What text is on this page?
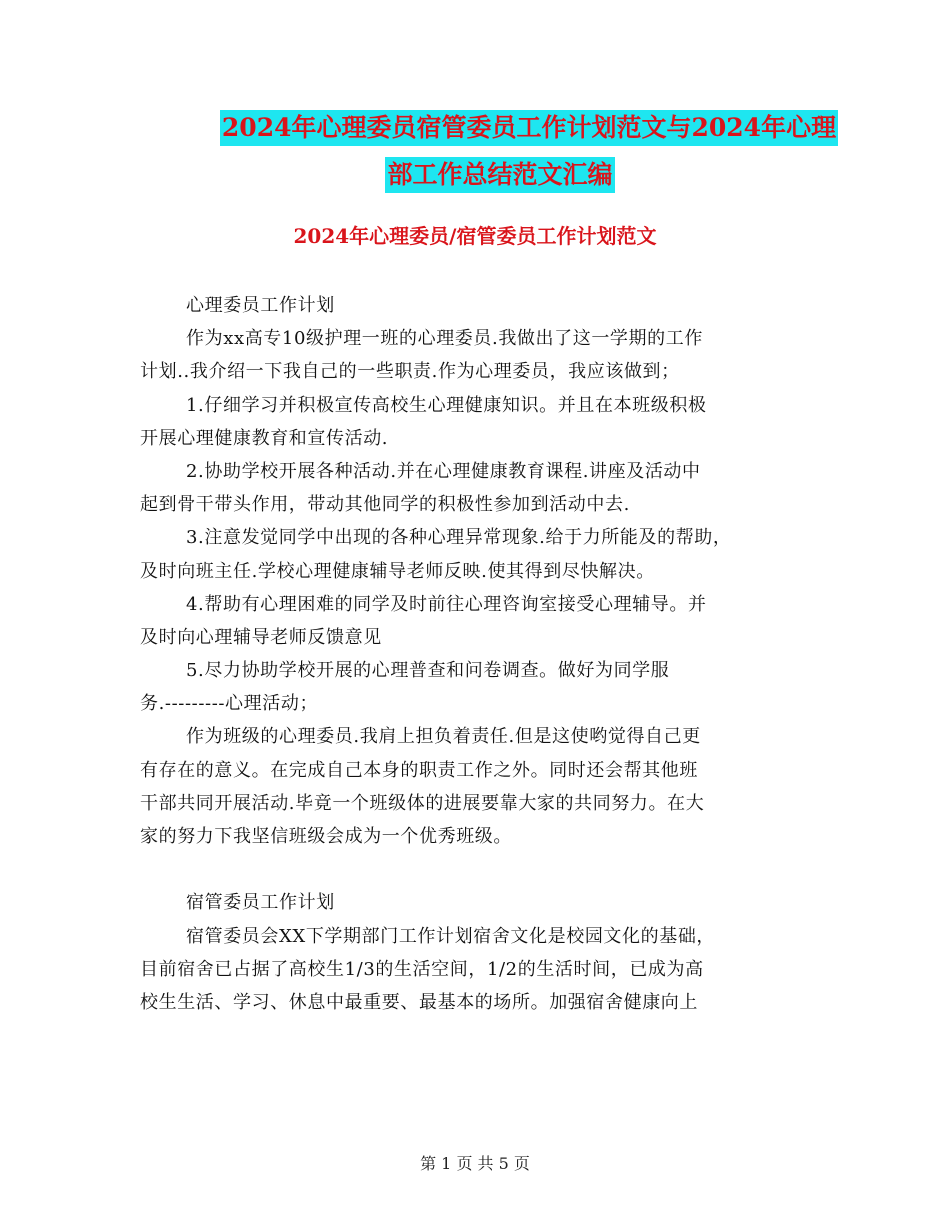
2024年心理委员宿管委员工作计划范文与2024年心理
部工作总结范文汇编
2024年心理委员/宿管委员工作计划范文
心理委员工作计划
作为xx高专10级护理一班的心理委员.我做出了这一学期的工作
计划..我介绍一下我自己的一些职责.作为心理委员，我应该做到；
1.仔细学习并积极宣传高校生心理健康知识。并且在本班级积极
开展心理健康教育和宣传活动.
2.协助学校开展各种活动.并在心理健康教育课程.讲座及活动中
起到骨干带头作用，带动其他同学的积极性参加到活动中去.
3.注意发觉同学中出现的各种心理异常现象.给于力所能及的帮助，
及时向班主任.学校心理健康辅导老师反映.使其得到尽快解决。
4.帮助有心理困难的同学及时前往心理咨询室接受心理辅导。并
及时向心理辅导老师反馈意见
5.尽力协助学校开展的心理普查和问卷调查。做好为同学服
务.---------心理活动；
作为班级的心理委员.我肩上担负着责任.但是这使哟觉得自己更
有存在的意义。在完成自己本身的职责工作之外。同时还会帮其他班
干部共同开展活动.毕竟一个班级体的进展要靠大家的共同努力。在大
家的努力下我坚信班级会成为一个优秀班级。
宿管委员工作计划
宿管委员会XX下学期部门工作计划宿舍文化是校园文化的基础，
目前宿舍已占据了高校生1/3的生活空间，1/2的生活时间，已成为高
校生生活、学习、休息中最重要、最基本的场所。加强宿舍健康向上
第 1 页 共 5 页
